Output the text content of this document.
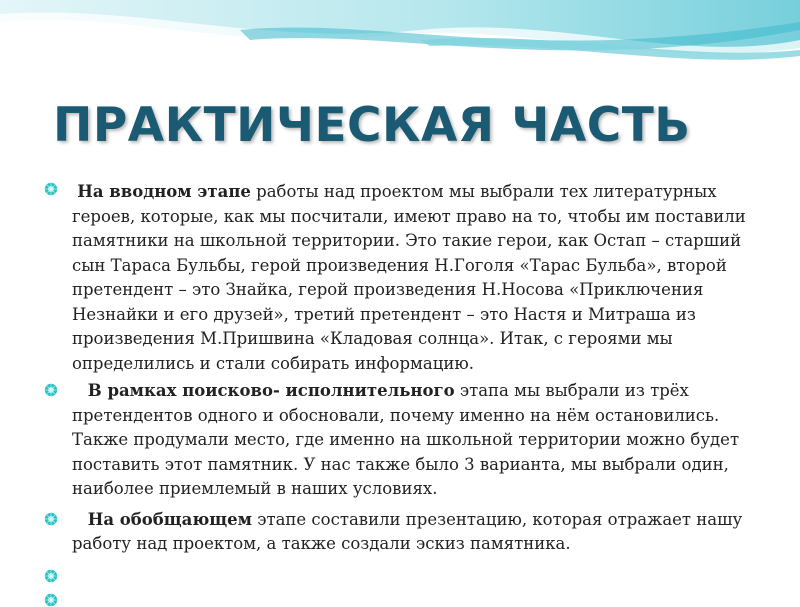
ПРАКТИЧЕСКАЯ ЧАСТЬ

На вводном этапе работы над проектом мы выбрали тех литературных героев, которые, как мы посчитали, имеют право на то, чтобы им поставили памятники на школьной территории. Это такие герои, как Остап – старший сын Тараса Бульбы, герой произведения Н.Гоголя «Тарас Бульба», второй претендент – это Знайка, герой произведения Н.Носова «Приключения Незнайки и его друзей», третий претендент – это Настя и Митраша из произведения М.Пришвина «Кладовая солнца». Итак, с героями мы определились и стали собирать информацию.

В рамках поисково- исполнительного этапа мы выбрали из трёх претендентов одного и обосновали, почему именно на нём остановились. Также продумали место, где именно на школьной территории можно будет поставить этот памятник. У нас также было 3 варианта, мы выбрали один, наиболее приемлемый в наших условиях.

На обобщающем этапе составили презентацию, которая отражает нашу работу над проектом, а также создали эскиз памятника.
